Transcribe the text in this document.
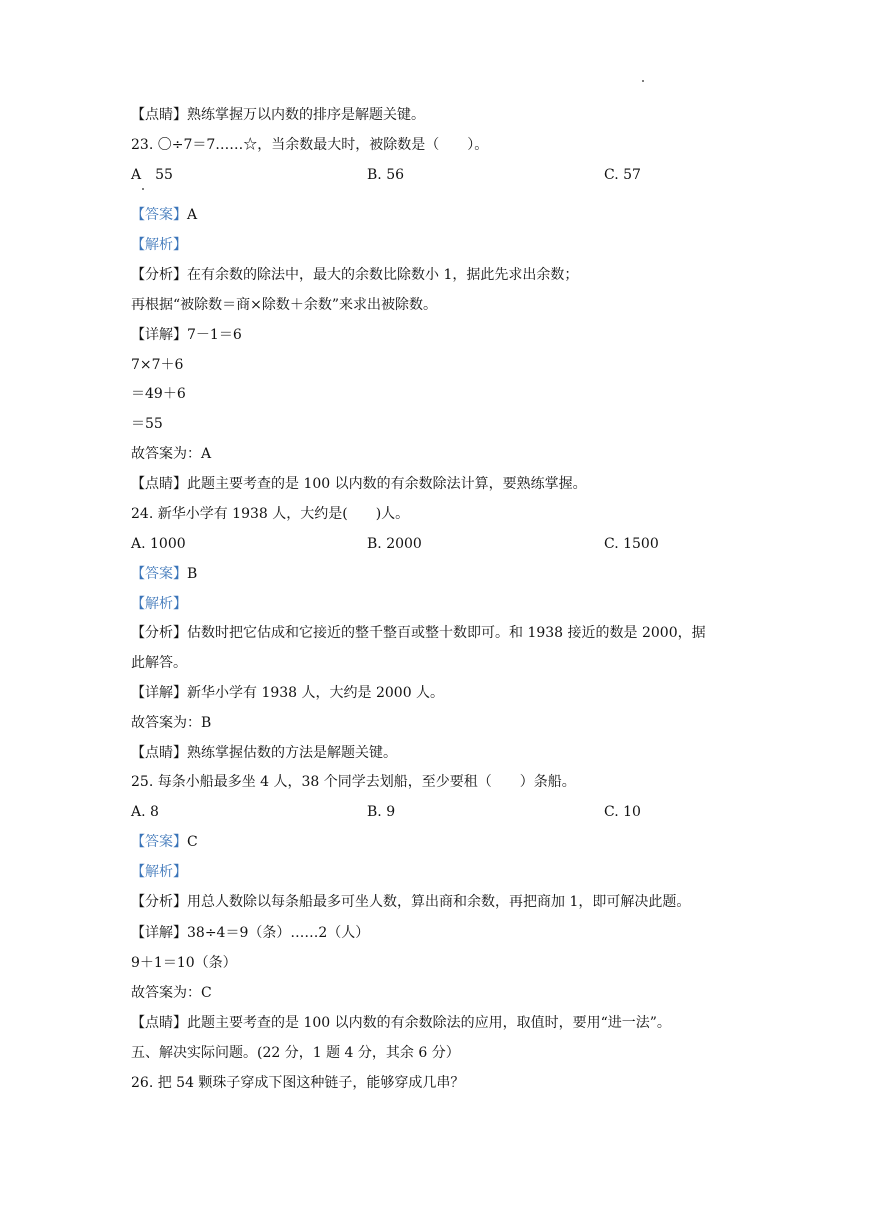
【点睛】熟练掌握万以内数的排序是解题关键。
23. 〇÷7＝7……☆，当余数最大时，被除数是（　　）。
A　55	B. 56	C. 57
【答案】A
【解析】
【分析】在有余数的除法中，最大的余数比除数小 1，据此先求出余数；
再根据“被除数＝商×除数＋余数”来求出被除数。
【详解】7－1＝6
7×7＋6
＝49＋6
＝55
故答案为：A
【点睛】此题主要考查的是 100 以内数的有余数除法计算，要熟练掌握。
24. 新华小学有 1938 人，大约是(　　)人。
A. 1000	B. 2000	C. 1500
【答案】B
【解析】
【分析】估数时把它估成和它接近的整千整百或整十数即可。和 1938 接近的数是 2000，据
此解答。
【详解】新华小学有 1938 人，大约是 2000 人。
故答案为：B
【点睛】熟练掌握估数的方法是解题关键。
25. 每条小船最多坐 4 人，38 个同学去划船，至少要租（　　）条船。
A. 8	B. 9	C. 10
【答案】C
【解析】
【分析】用总人数除以每条船最多可坐人数，算出商和余数，再把商加 1，即可解决此题。
【详解】38÷4＝9（条）……2（人）
9＋1＝10（条）
故答案为：C
【点睛】此题主要考查的是 100 以内数的有余数除法的应用，取值时，要用“进一法”。
五、解决实际问题。(22 分，1 题 4 分，其余 6 分）
26. 把 54 颗珠子穿成下图这种链子，能够穿成几串？
